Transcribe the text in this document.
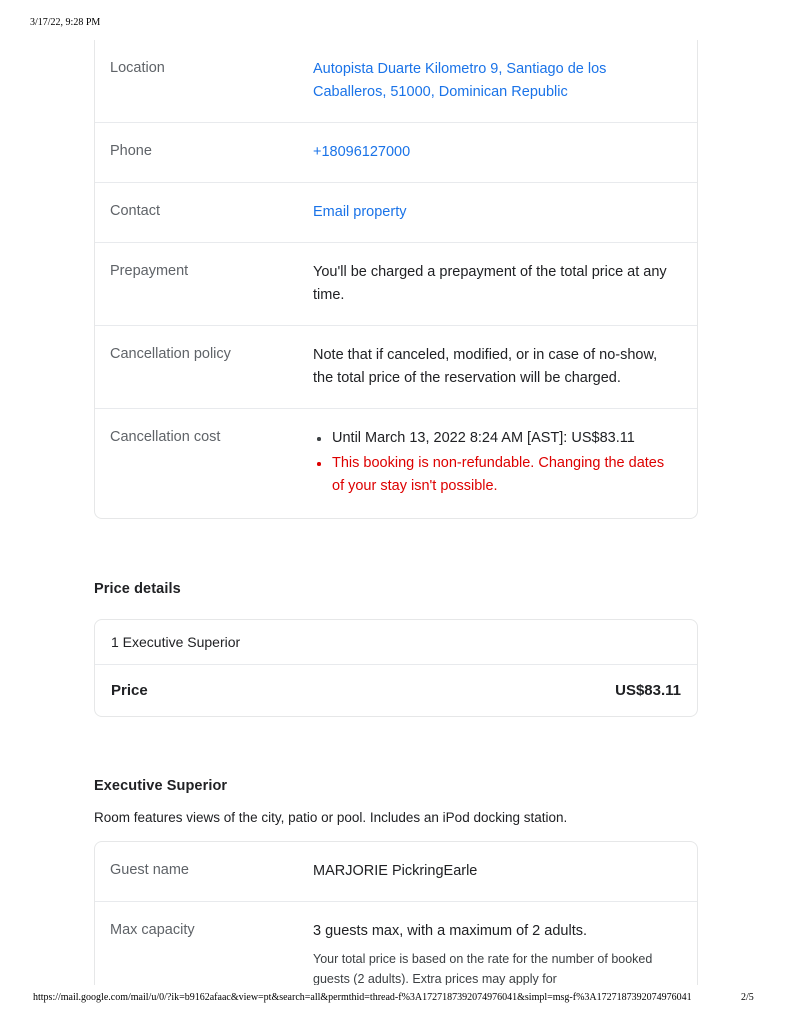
3/17/22, 9:28 PM
Location	Autopista Duarte Kilometro 9, Santiago de los Caballeros, 51000, Dominican Republic
Phone	+18096127000
Contact	Email property
Prepayment	You'll be charged a prepayment of the total price at any time.
Cancellation policy	Note that if canceled, modified, or in case of no-show, the total price of the reservation will be charged.
Cancellation cost	Until March 13, 2022 8:24 AM [AST]: US$83.11
This booking is non-refundable. Changing the dates of your stay isn't possible.
Price details
1 Executive Superior
Price	US$83.11
Executive Superior
Room features views of the city, patio or pool. Includes an iPod docking station.
Guest name	MARJORIE PickringEarle
Max capacity	3 guests max, with a maximum of 2 adults.
Your total price is based on the rate for the number of booked guests (2 adults). Extra prices may apply for
https://mail.google.com/mail/u/0/?ik=b9162afaac&view=pt&search=all&permthid=thread-f%3A1727187392074976041&simpl=msg-f%3A1727187392074976041	2/5
